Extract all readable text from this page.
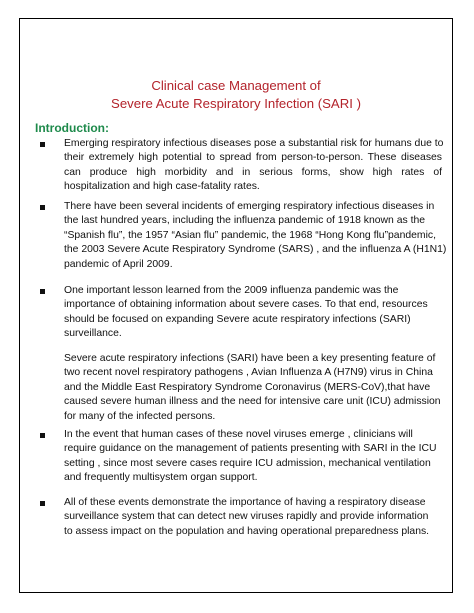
Clinical case Management of
Severe Acute Respiratory Infection (SARI )
Introduction:
Emerging respiratory infectious diseases pose a substantial risk for humans due to
their extremely high potential to spread from person-to-person. These diseases
can produce high morbidity and in serious forms, show high rates of
hospitalization and high case-fatality rates.
There have been several incidents of emerging respiratory infectious diseases in
the last hundred years, including the influenza pandemic of 1918 known as the
“Spanish flu”, the 1957 “Asian flu” pandemic, the 1968 “Hong Kong flu”pandemic,
the 2003 Severe Acute Respiratory Syndrome (SARS) , and the influenza A (H1N1)
pandemic of April 2009.
One important lesson learned from the 2009 influenza pandemic was the
importance of obtaining information about severe cases. To that end, resources
should be focused on expanding Severe acute respiratory infections (SARI)
surveillance.
Severe acute respiratory infections (SARI) have been a key presenting feature of
two recent novel respiratory pathogens , Avian Influenza A (H7N9) virus in China
and the Middle East Respiratory Syndrome Coronavirus (MERS-CoV),that have
caused severe human illness and the need for intensive care unit (ICU) admission
for many of the infected persons.
In the event that human cases of these novel viruses emerge , clinicians will
require guidance on the management of patients presenting with SARI in the ICU
setting , since most severe cases require ICU admission, mechanical ventilation
and frequently multisystem organ support.
All of these events demonstrate the importance of having a respiratory disease
surveillance system that can detect new viruses rapidly and provide information
to assess impact on the population and having operational preparedness plans.
